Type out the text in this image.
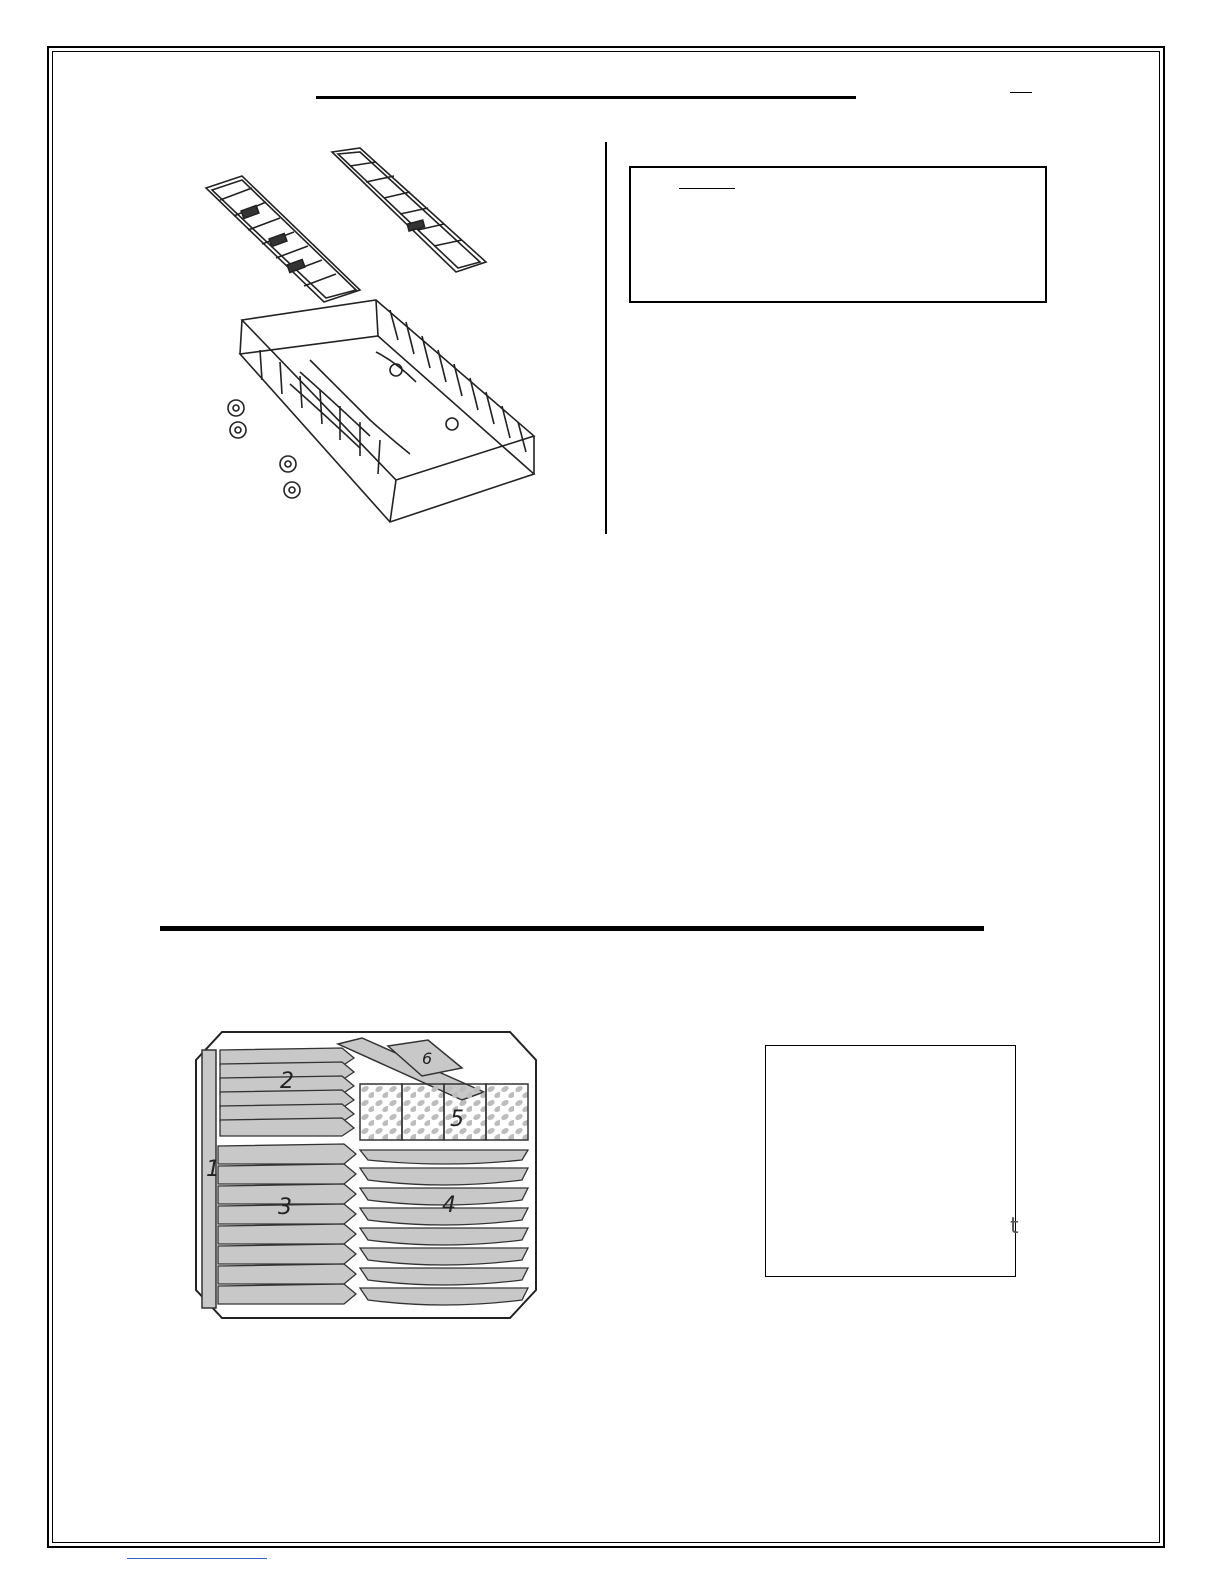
1
2
3	4
5
6
t
